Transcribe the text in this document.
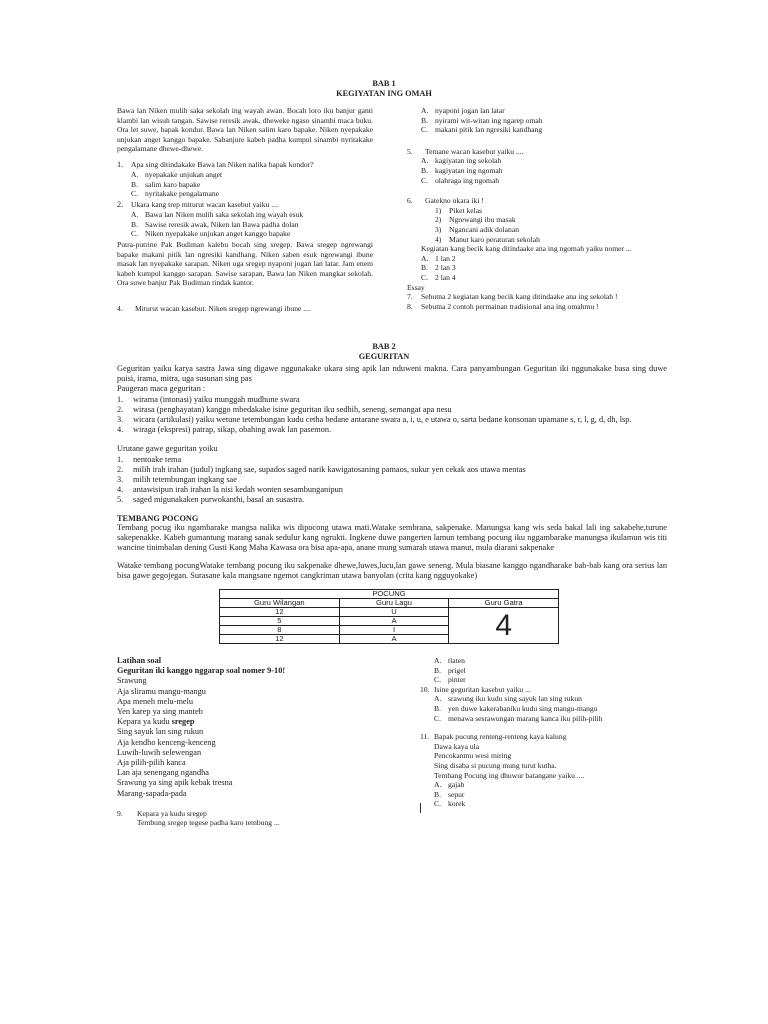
BAB 1
KEGIYATAN ING OMAH
Bawa lan Niken mulih saka sekolah ing wayah awan. Bocah loro iku banjur ganti klambi lan wisuh tangan. Sawise reresik awak, dheweke ngaso sinambi maca buku. Ora let suwe, bapak kondur. Bawa lan Niken salim karo bapake. Niken nyepakake unjukan anget kanggo bapake. Sabanjure kabeh padha kumpul sinambi nyritakake pengalamane dhewe-dhewe.
1.	Apa sing ditindakake Bawa lan Niken nalika bapak kondor?
A. nyepakake unjukan anget
B. salim karo bapake
C. nyritakake pengalamane
2.	Ukara kang trep miturut wacan kasebut yaiku ....
A. Bawa lan Niken mulih saka sekolah ing wayah esuk
B. Sawise reresik awak, Niken lan Bawa padha dolan
C. Niken nyepakake unjukan anget kanggo bapake
Putra-putrine Pak Budiman kalebu bocah sing sregep. Bawa sregep ngrewangi bapake makani pitik lan ngresiki kandhang. Niken saben esuk ngrewangi ibune masak lan nyepakake sarapan. Niken uga sregep nyaponi jogan lan latar. Jam enem kabeh kumpul kanggo sarapan. Sawise sarapan, Bawa lan Niken mangkat sekolah. Ora suwe banjur Pak Budiman tindak kantor.
4.	Miturut wacan kasebut. Niken sregep ngrewangi ibune ....
A. nyaponi jogan lan latar
B. nyirami wit-witan ing ngarep omah
C. makani pitik lan ngresiki kandhang
5.	Temane wacan kasebut yaiku ....
A. kagiyatan ing sekolah
B. kagiyatan ing ngomah
C. olahraga ing ngomah
6.	Gatekno ukara iki !
1)	Piket kelas
2)	Ngrewangi ibu masak
3)	Ngancani adik dolanan
4)	Manut karo peraturan sekolah
Kegiatan kang becik kang ditindaake ana ing ngomah yaiku nomer ...
A. 1 lan 2
B. 2 lan 3
C. 2 lan 4
Essay
7.	Sebutna 2 kegiatan kang becik kang ditindaake ana ing sekolah !
8.	Sebutna 2 contoh permainan tradisional ana ing omahmu !
BAB 2
GEGURITAN
Geguritan yaiku karya sastra Jawa sing digawe nggunakake ukara sing apik lan nduweni makna. Cara panyambungan Geguritan iki nggunakake basa sing duwe puisi, irama, mitra, uga susunan sing pas
Paugeran maca geguritan :
1.	wirama (intonasi) yaiku munggah mudhune swara
2.	wirasa (penghayatan) kanggo mbedakake isine geguritan iku sedhih, seneng, semangat apa nesu
3.	wicara (artikulasi) yaiku wetune tetembungan kudu cetha bedane antarane swara a, i, u, e utawa o, sarta bedane konsonan upamane s, r, l, g, d, dh, lsp.
4.	wiraga (ekspresi) patrap, sikap, obahing awak lan pasemon.
Urutane gawe geguritan yoiku
1.	nentoake tema
2.	milih irah irahan (judul) ingkang sae, supados saged narik kawigatosaning pamaos, sukur yen cekak aos utawa mentas
3.	milih tetembungan ingkang sae
4.	antawisipun irah irahan la nisi kedah wonten sesambunganipun
5.	saged migunakaken purwokanthi, basal an susastra.
TEMBANG POCONG
Tembang pocug iku ngambarake mangsa nalika wis dipocong utawa mati.Watake sembrana, sakpenake. Manungsa kang wis seda bakal lali ing sakabehe,turune sakepenakke. Kabeh gumantung marang sanak sedulur kang ngrukti. Ingkene duwe pangerten lamun tembang pocung iku nggambarake manungsa ikulamun wis titi wancine tinimbalan dening Gusti Kang Maha Kawasa ora bisa apa-apa, anane mung sumarah utawa manut, mula diarani sakpenake
Watake tembang pocungWatake tembang pocung iku sakpenake dhewe,luwes,lucu,lan gawe seneng. Mula biasane kanggo ngandharake bab-bab kang ora serius lan bisa gawe gegojegan. Surasane kala mangsane ngemot cangkriman utawa banyolan (crita kang ngguyokake)
POCUNG		
Guru Wilangan	Guru Lagu	Guru Gatra
12	U	4
5	A	
8	I	
12	A	
Latihan soal
Geguritan iki kanggo nggarap soal nomer 9-10!
Srawung
Aja sliramu mangu-mangu
Apa meneh melu-melu
Yen karep ya sing manteb
Kepara ya kudu sregep
Sing sayuk lan sing rukun
Aja kendho kenceng-kenceng
Luwih-luwih selewengan
Aja pilih-pilih kanca
Lan aja senengang ngandha
Srawung ya sing apik kebak tresna
Marang-sapada-pada
9.	Kepara ya kudu sregep
Tembung sregep tegese padha karo tembung ...
A. tlaten
B. prigel
C. pinter
10. Isine geguritan kasebut yaiku ...
A. srawung iku kudu sing sayuk lan sing rukun
B. yen duwe kakerabaniku kudu sing mangu-mangu
C. menawa sesrawungan marang kanca iku pilih-pilih
11. Bapak pucung renteng-renteng kaya kalung
Dawa kaya ula
Pencokanmu wesi miring
Sing disaba si pucung mung turut kutha.
Tembang Pocung ing dhuwur batangane yaiku ....
A. gajah
B. sepur
C. korek
